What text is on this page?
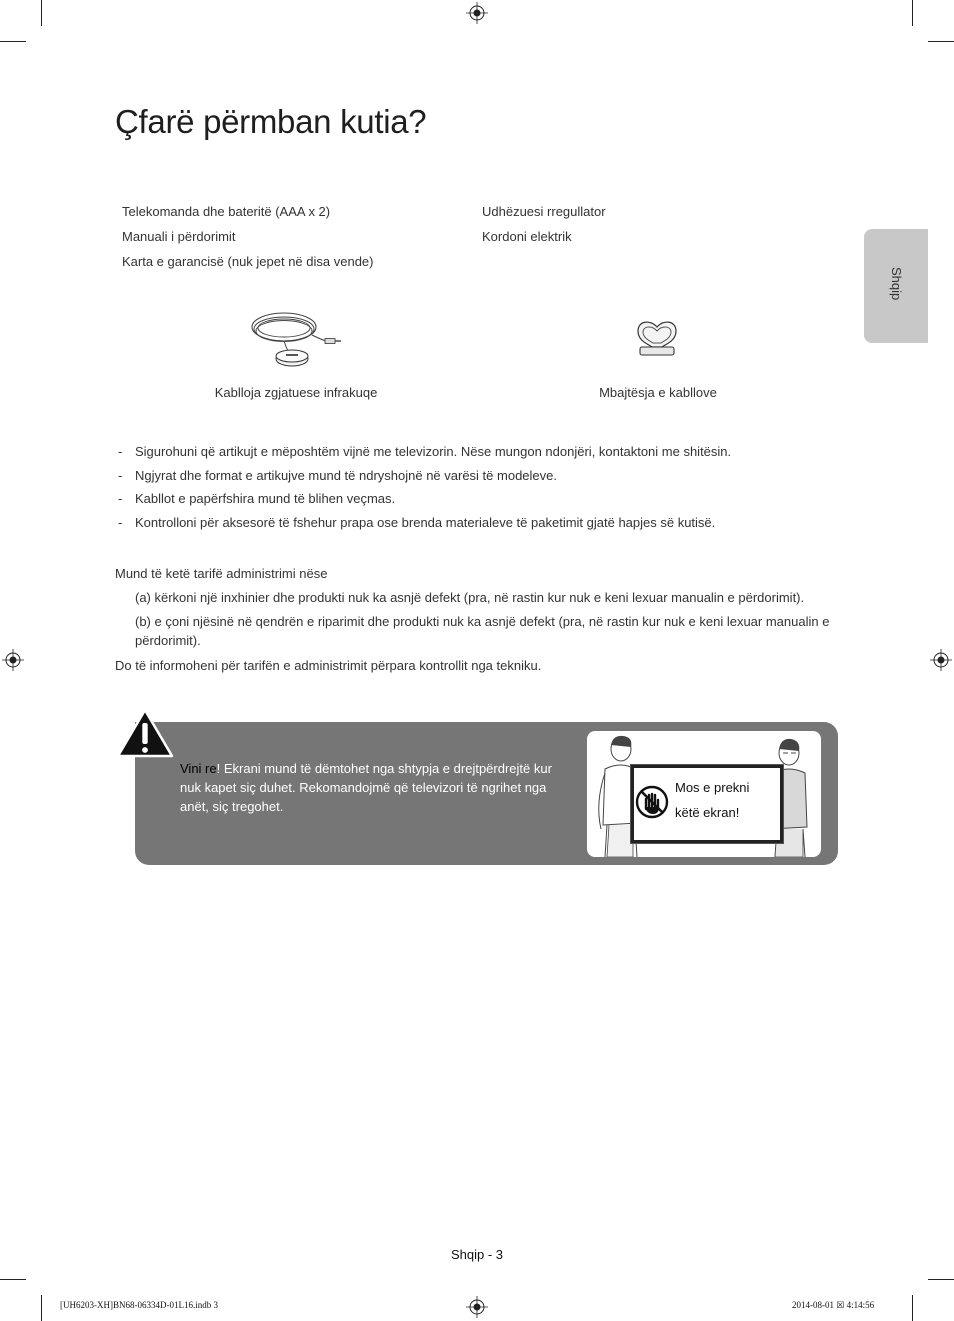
Çfarë përmban kutia?
Shqip
Telekomanda dhe bateritë (AAA x 2)
Manuali i përdorimit
Karta e garancisë (nuk jepet në disa vende)
Udhëzuesi rregullator
Kordoni elektrik
Kablloja zgjatuese infrakuqe	Mbajtësja e kabllove
- Sigurohuni që artikujt e mëposhtëm vijnë me televizorin. Nëse mungon ndonjëri, kontaktoni me shitësin.
- Ngjyrat dhe format e artikujve mund të ndryshojnë në varësi të modeleve.
- Kabllot e papërfshira mund të blihen veçmas.
- Kontrolloni për aksesorë të fshehur prapa ose brenda materialeve të paketimit gjatë hapjes së kutisë.
Mund të ketë tarifë administrimi nëse
(a) kërkoni një inxhinier dhe produkti nuk ka asnjë defekt (pra, në rastin kur nuk e keni lexuar manualin e përdorimit).
(b) e çoni njësinë në qendrën e riparimit dhe produkti nuk ka asnjë defekt (pra, në rastin kur nuk e keni lexuar manualin e
përdorimit).
Do të informoheni për tarifën e administrimit përpara kontrollit nga tekniku.
Vini re! Ekrani mund të dëmtohet nga shtypja e drejtpërdrejtë kur nuk kapet siç duhet. Rekomandojmë që televizori të ngrihet nga anët, siç tregohet.
Mos e prekni
këtë ekran!
Shqip - 3
[UH6203-XH]BN68-06334D-01L16.indb 3	2014-08-01 ☒ 4:14:56
